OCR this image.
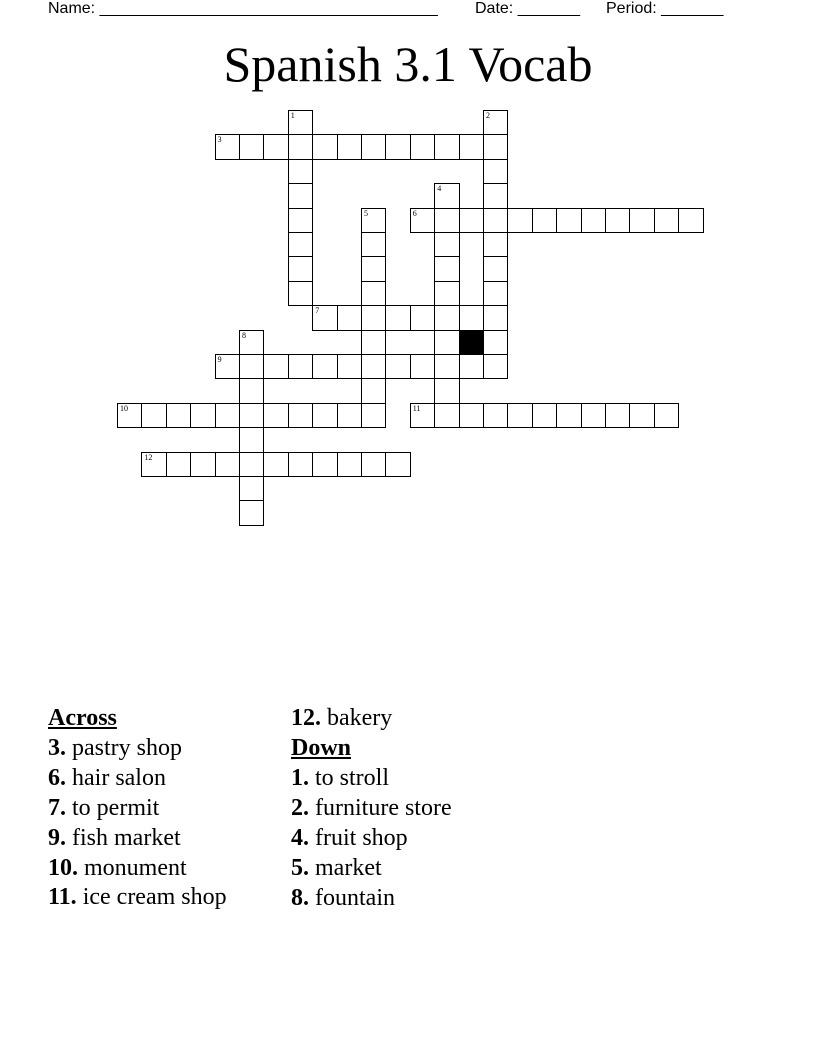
Name: ______________________________________ Date: _______ Period: _______
Spanish 3.1 Vocab
1	2
3
4
5	6
7
8
9
10	11
12
Across
3. pastry shop
6. hair salon
7. to permit
9. fish market
10. monument
11. ice cream shop
12. bakery
Down
1. to stroll
2. furniture store
4. fruit shop
5. market
8. fountain
